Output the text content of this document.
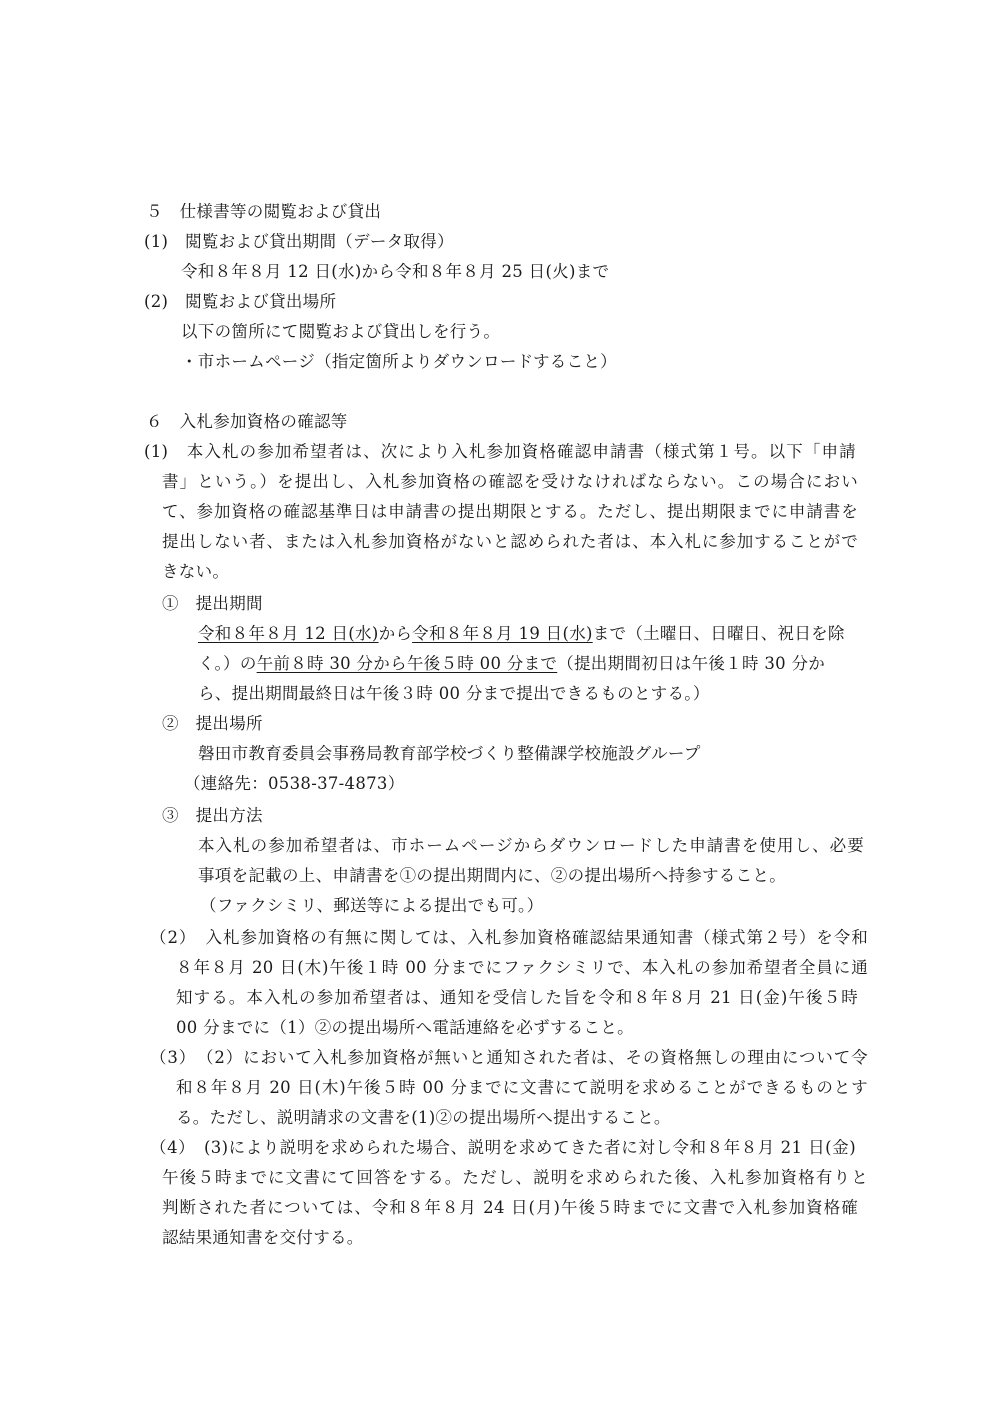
５　仕様書等の閲覧および貸出
(1)　閲覧および貸出期間（データ取得）
令和８年８月 12 日(水)から令和８年８月 25 日(火)まで
(2)　閲覧および貸出場所
以下の箇所にて閲覧および貸出しを行う。
・市ホームページ（指定箇所よりダウンロードすること）
６　入札参加資格の確認等
(1)　本入札の参加希望者は、次により入札参加資格確認申請書（様式第１号。以下「申請
書」という。）を提出し、入札参加資格の確認を受けなければならない。この場合におい
て、参加資格の確認基準日は申請書の提出期限とする。ただし、提出期限までに申請書を
提出しない者、または入札参加資格がないと認められた者は、本入札に参加することがで
きない。
①　提出期間
令和８年８月 12 日(水)から令和８年８月 19 日(水)まで（土曜日、日曜日、祝日を除
く。）の午前８時 30 分から午後５時 00 分まで（提出期間初日は午後１時 30 分か
ら、提出期間最終日は午後３時 00 分まで提出できるものとする。）
②　提出場所
磐田市教育委員会事務局教育部学校づくり整備課学校施設グループ
（連絡先：0538‐37‐4873）
③　提出方法
本入札の参加希望者は、市ホームページからダウンロードした申請書を使用し、必要
事項を記載の上、申請書を①の提出期間内に、②の提出場所へ持参すること。
（ファクシミリ、郵送等による提出でも可。）
（2）　入札参加資格の有無に関しては、入札参加資格確認結果通知書（様式第２号）を令和
８年８月 20 日(木)午後１時 00 分までにファクシミリで、本入札の参加希望者全員に通
知する。本入札の参加希望者は、通知を受信した旨を令和８年８月 21 日(金)午後５時
00 分までに（1）②の提出場所へ電話連絡を必ずすること。
（3）　（2）において入札参加資格が無いと通知された者は、その資格無しの理由について令
和８年８月 20 日(木)午後５時 00 分までに文書にて説明を求めることができるものとす
る。ただし、説明請求の文書を(1)②の提出場所へ提出すること。
（4）　(3)により説明を求められた場合、説明を求めてきた者に対し令和８年８月 21 日(金)
午後５時までに文書にて回答をする。ただし、説明を求められた後、入札参加資格有りと
判断された者については、令和８年８月 24 日(月)午後５時までに文書で入札参加資格確
認結果通知書を交付する。
